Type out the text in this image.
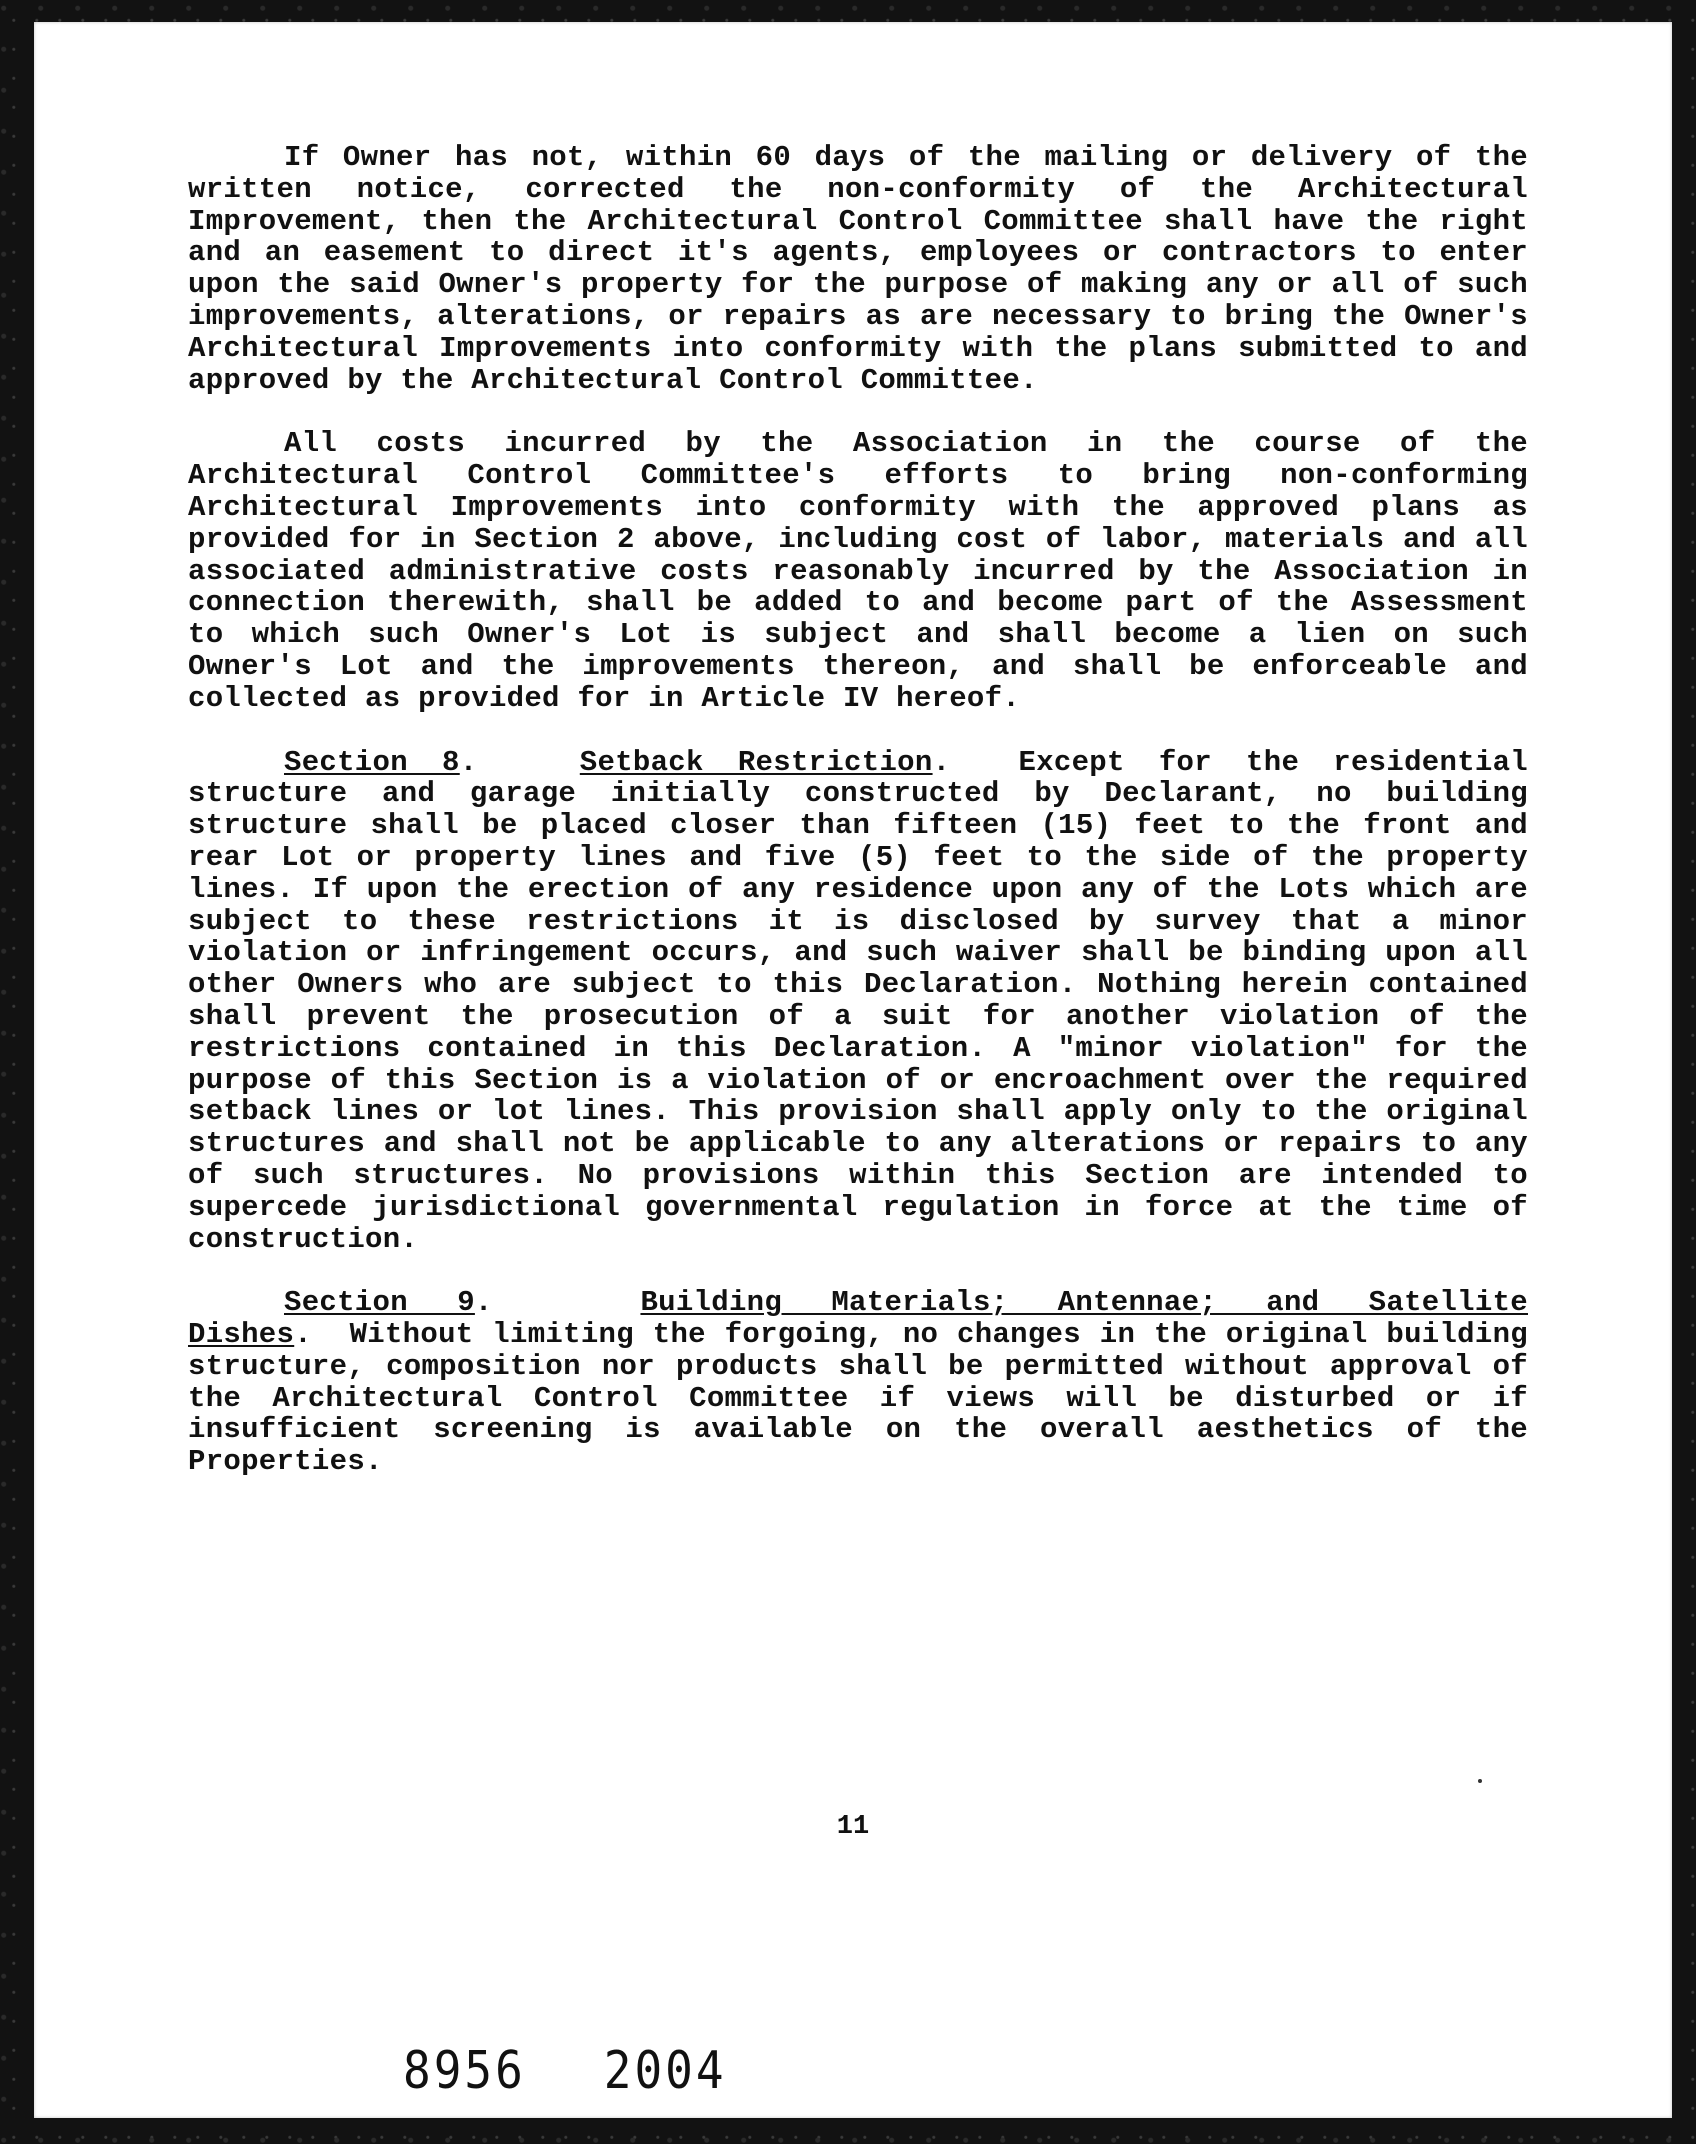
If Owner has not, within 60 days of the mailing or delivery of the written notice, corrected the non-conformity of the Architectural Improvement, then the Architectural Control Committee shall have the right and an easement to direct it's agents, employees or contractors to enter upon the said Owner's property for the purpose of making any or all of such improvements, alterations, or repairs as are necessary to bring the Owner's Architectural Improvements into conformity with the plans submitted to and approved by the Architectural Control Committee.

All costs incurred by the Association in the course of the Architectural Control Committee's efforts to bring non-conforming Architectural Improvements into conformity with the approved plans as provided for in Section 2 above, including cost of labor, materials and all associated administrative costs reasonably incurred by the Association in connection therewith, shall be added to and become part of the Assessment to which such Owner's Lot is subject and shall become a lien on such Owner's Lot and the improvements thereon, and shall be enforceable and collected as provided for in Article IV hereof.

Section 8.   Setback Restriction.  Except for the residential structure and garage initially constructed by Declarant, no building structure shall be placed closer than fifteen (15) feet to the front and rear Lot or property lines and five (5) feet to the side of the property lines. If upon the erection of any residence upon any of the Lots which are subject to these restrictions it is disclosed by survey that a minor violation or infringement occurs, and such waiver shall be binding upon all other Owners who are subject to this Declaration. Nothing herein contained shall prevent the prosecution of a suit for another violation of the restrictions contained in this Declaration. A "minor violation" for the purpose of this Section is a violation of or encroachment over the required setback lines or lot lines. This provision shall apply only to the original structures and shall not be applicable to any alterations or repairs to any of such structures. No provisions within this Section are intended to supercede jurisdictional governmental regulation in force at the time of construction.

Section 9.   Building Materials; Antennae; and Satellite Dishes.  Without limiting the forgoing, no changes in the original building structure, composition nor products shall be permitted without approval of the Architectural Control Committee if views will be disturbed or if insufficient screening is available on the overall aesthetics of the Properties.

11
8956 2004
